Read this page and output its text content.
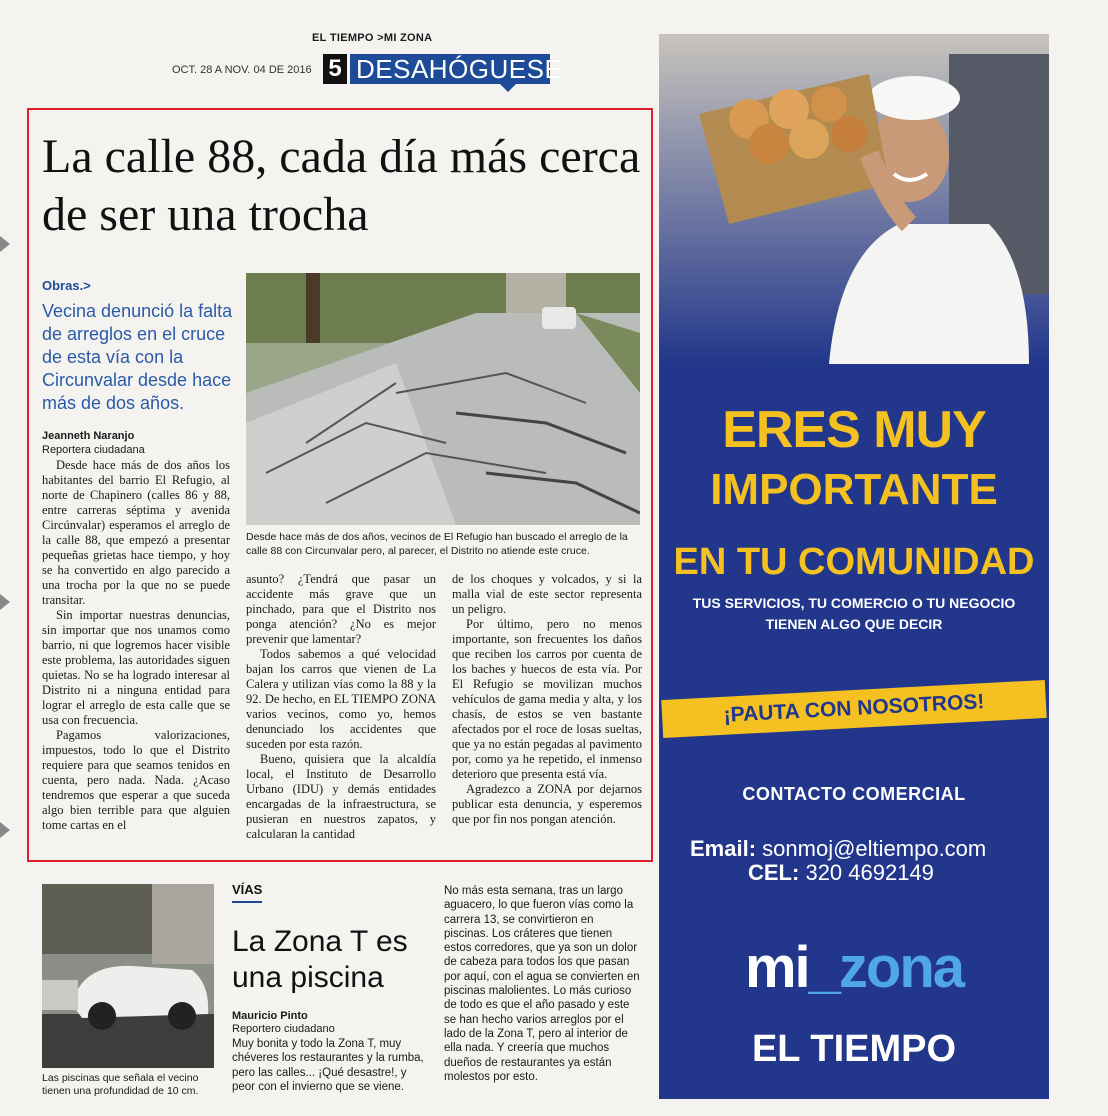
EL TIEMPO >MI ZONA
OCT. 28 A NOV. 04 DE 2016 5 DESAHÓGUESE
La calle 88, cada día más cerca de ser una trocha
Obras.>
Vecina denunció la falta de arreglos en el cruce de esta vía con la Circunvalar desde hace más de dos años.
Jeanneth Naranjo
Reportera ciudadana
Desde hace más de dos años, vecinos de El Refugio han buscado el arreglo de la calle 88 con Circunvalar pero, al parecer, el Distrito no atiende este cruce.

Desde hace más de dos años los habitantes del barrio El Refugio, al norte de Chapinero (calles 86 y 88, entre carreras séptima y avenida Circúnvalar) esperamos el arreglo de la calle 88, que empezó a presentar pequeñas grietas hace tiempo, y hoy se ha convertido en algo parecido a una trocha por la que no se puede transitar.

Sin importar nuestras denuncias, sin importar que nos unamos como barrio, ni que logremos hacer visible este problema, las autoridades siguen quietas. No se ha logrado interesar al Distrito ni a ninguna entidad para lograr el arreglo de esta calle que se usa con frecuencia.

Pagamos valorizaciones, impuestos, todo lo que el Distrito requiere para que seamos tenidos en cuenta, pero nada. Nada. ¿Acaso tendremos que esperar a que suceda algo bien terrible para que alguien tome cartas en el

asunto? ¿Tendrá que pasar un accidente más grave que un pinchado, para que el Distrito nos ponga atención? ¿No es mejor prevenir que lamentar?

Todos sabemos a qué velocidad bajan los carros que vienen de La Calera y utilizan vías como la 88 y la 92. De hecho, en EL TIEMPO ZONA varios vecinos, como yo, hemos denunciado los accidentes que suceden por esta razón.

Bueno, quisiera que la alcaldía local, el Instituto de Desarrollo Urbano (IDU) y demás entidades encargadas de la infraestructura, se pusieran en nuestros zapatos, y calcularan la cantidad

de los choques y volcados, y si la malla vial de este sector representa un peligro.

Por último, pero no menos importante, son frecuentes los daños que reciben los carros por cuenta de los baches y huecos de esta vía. Por El Refugio se movilizan muchos vehículos de gama media y alta, y los chasís, de estos se ven bastante afectados por el roce de losas sueltas, que ya no están pegadas al pavimento por, como ya he repetido, el inmenso deterioro que presenta está vía.

Agradezco a ZONA por dejarnos publicar esta denuncia, y esperemos que por fin nos pongan atención.

Las piscinas que señala el vecino tienen una profundidad de 10 cm.
VÍAS
La Zona T es una piscina
Mauricio Pinto
Reportero ciudadano

Muy bonita y todo la Zona T, muy chéveres los restaurantes y la rumba, pero las calles... ¡Qué desastre!, y peor con el invierno que se viene.

No más esta semana, tras un largo aguacero, lo que fueron vías como la carrera 13, se convirtieron en piscinas. Los cráteres que tienen estos corredores, que ya son un dolor de cabeza para todos los que pasan por aquí, con el agua se convierten en piscinas malolientes. Lo más curioso de todo es que el año pasado y este se han hecho varios arreglos por el lado de la Zona T, pero al interior de ella nada. Y creería que muchos dueños de restaurantes ya están molestos por esto.

ERES MUY
IMPORTANTE
EN TU COMUNIDAD
TUS SERVICIOS, TU COMERCIO O TU NEGOCIO
TIENEN ALGO QUE DECIR
¡PAUTA CON NOSOTROS!
CONTACTO COMERCIAL
Email: sonmoj@eltiempo.com
CEL: 320 4692149
mi_zona
EL TIEMPO
